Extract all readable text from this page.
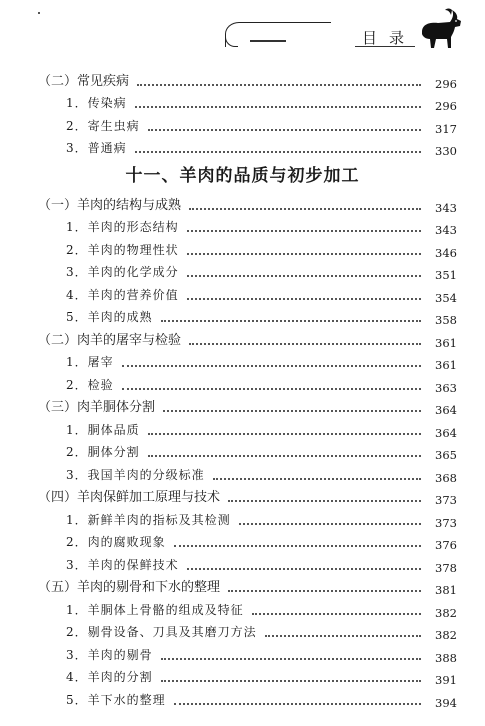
目录
（二）常见疾病	296
1．传染病	296
2．寄生虫病	317
3．普通病	330
十一、羊肉的品质与初步加工
（一）羊肉的结构与成熟	343
1．羊肉的形态结构	343
2．羊肉的物理性状	346
3．羊肉的化学成分	351
4．羊肉的营养价值	354
5．羊肉的成熟	358
（二）肉羊的屠宰与检验	361
1．屠宰	361
2．检验	363
（三）肉羊胴体分割	364
1．胴体品质	364
2．胴体分割	365
3．我国羊肉的分级标准	368
（四）羊肉保鲜加工原理与技术	373
1．新鲜羊肉的指标及其检测	373
2．肉的腐败现象	376
3．羊肉的保鲜技术	378
（五）羊肉的剔骨和下水的整理	381
1．羊胴体上骨骼的组成及特征	382
2．剔骨设备、刀具及其磨刀方法	382
3．羊肉的剔骨	388
4．羊肉的分割	391
5．羊下水的整理	394
